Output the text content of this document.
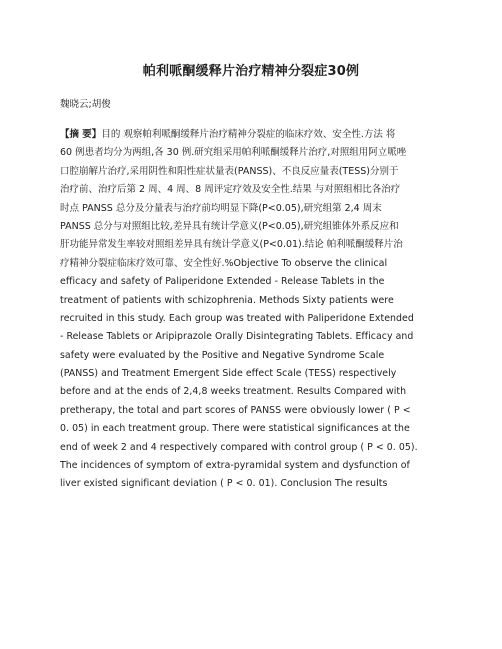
帕利哌酮缓释片治疗精神分裂症30例
魏晓云;胡俊
【摘 要】目的 观察帕利哌酮缓释片治疗精神分裂症的临床疗效、安全性.方法 将
60 例患者均分为两组,各 30 例.研究组采用帕利哌酮缓释片治疗,对照组用阿立哌唑
口腔崩解片治疗,采用阴性和阳性症状量表(PANSS)、不良反应量表(TESS)分别于
治疗前、治疗后第 2 周、4 周、8 周评定疗效及安全性.结果 与对照组相比各治疗
时点 PANSS 总分及分量表与治疗前均明显下降(P<0.05),研究组第 2,4 周末
PANSS 总分与对照组比较,差异具有统计学意义(P<0.05),研究组锥体外系反应和
肝功能异常发生率较对照组差异具有统计学意义(P<0.01).结论 帕利哌酮缓释片治
疗精神分裂症临床疗效可靠、安全性好.%Objective To observe the clinical
efficacy and safety of Paliperidone Extended - Release Tablets in the
treatment of patients with schizophrenia. Methods Sixty patients were
recruited in this study. Each group was treated with Paliperidone Extended
- Release Tablets or Aripiprazole Orally Disintegrating Tablets. Efficacy and
safety were evaluated by the Positive and Negative Syndrome Scale
(PANSS) and Treatment Emergent Side effect Scale (TESS) respectively
before and at the ends of 2,4,8 weeks treatment. Results Compared with
pretherapy, the total and part scores of PANSS were obviously lower ( P <
0. 05) in each treatment group. There were statistical significances at the
end of week 2 and 4 respectively compared with control group ( P < 0. 05).
The incidences of symptom of extra-pyramidal system and dysfunction of
liver existed significant deviation ( P < 0. 01). Conclusion The results
